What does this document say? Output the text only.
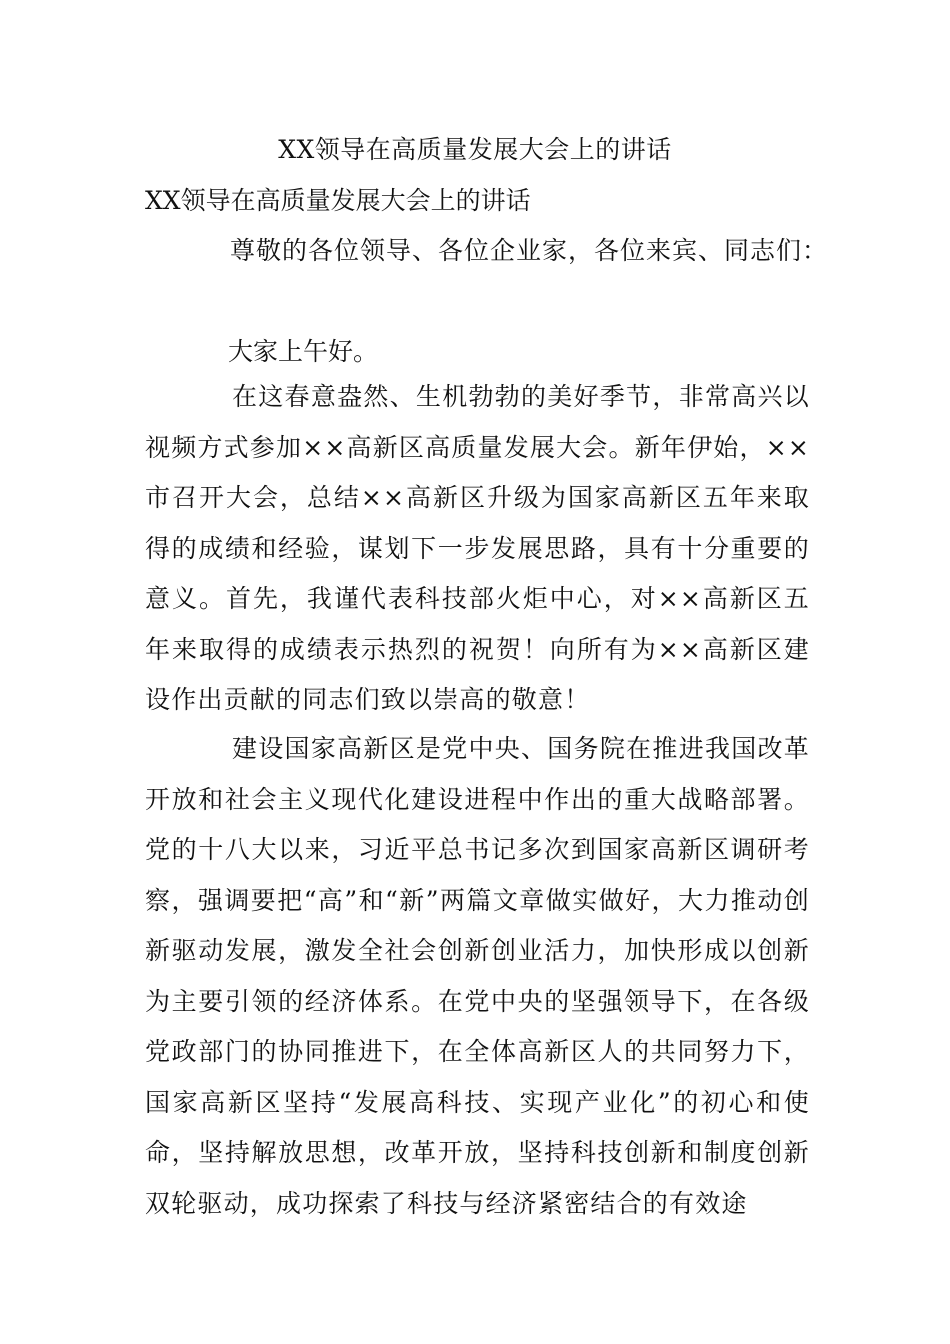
XX领导在高质量发展大会上的讲话
XX领导在高质量发展大会上的讲话
尊敬的各位领导、各位企业家，各位来宾、同志们：
大家上午好。

在这春意盎然、生机勃勃的美好季节，非常高兴以视频方式参加××高新区高质量发展大会。新年伊始，××市召开大会，总结××高新区升级为国家高新区五年来取得的成绩和经验，谋划下一步发展思路，具有十分重要的意义。首先，我谨代表科技部火炬中心，对××高新区五年来取得的成绩表示热烈的祝贺！向所有为××高新区建设作出贡献的同志们致以崇高的敬意！

建设国家高新区是党中央、国务院在推进我国改革开放和社会主义现代化建设进程中作出的重大战略部署。党的十八大以来，习近平总书记多次到国家高新区调研考察，强调要把“高”和“新”两篇文章做实做好，大力推动创新驱动发展，激发全社会创新创业活力，加快形成以创新为主要引领的经济体系。在党中央的坚强领导下，在各级党政部门的协同推进下，在全体高新区人的共同努力下，国家高新区坚持“发展高科技、实现产业化”的初心和使命，坚持解放思想，改革开放，坚持科技创新和制度创新双轮驱动，成功探索了科技与经济紧密结合的有效途
